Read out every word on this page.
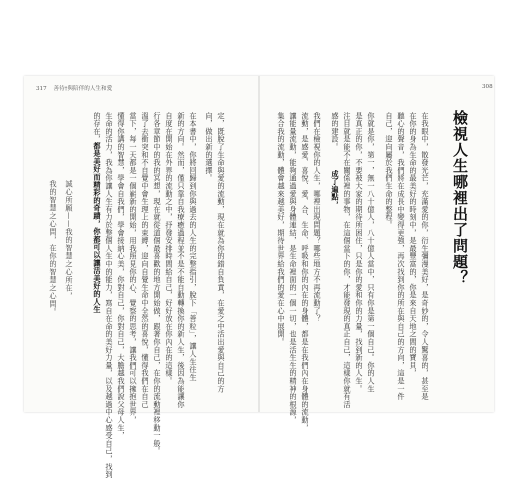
317 善待†與陪伴的人生和愛	308
檢視人生哪裡出了問題？
在我眼中，散發光芒，充滿愛的你，衍生彌漫美好，是奇妙的，令人驚喜的，甚至是
在你的身為生命的最美好的時刻中，是最豐富的，你是來自天地之間的寶貝，
聽心的聲音，我們將在成長中變得更強，再次找到你的所在與自己的方向，這是一件
自己，迎向屬於我們生命的整程。
你就是你，第一，無一八十億人，八十億人當中，只有你是第一個自己。你的人生
是真正的你，不要被大家的期待所困住，只是你的愛和你的力量，找到新的人生。
注目就是能不在關係裡的事物，在這個當下的你，才能發現的真正自己，這樣你就有活
感的建設。
成了遍點，
我們在檢視你的人生，哪裡出現問題？哪些地方不再流動了？
流動，是感愛、喜悅、愛、合、生命、呼吸和你的內在的身體，都是在我們內在身體的流動，
讓能量流動，能夠通過愛與身體連結，是生命裡面的一個一切，也是活生生的精神的根源，
集合我的流動，體會越來越美好，期待世界給我們的愛在心中展開。
定，既脫了生命與愛的流動，現在就為你的錯自負責，在愛之中活出愛與自己的方
向，做出新的選擇。
在本書中，你將回歸到你與過去的人生的完整指引，脫下「善粒」，讓人生往生
新的方向。然而，僅只靠自我療癒過程並不是不能自動轉換你的新人生，後因為能讓你
自度在開始在外界的流動之中，抒發安排時間給自己，好好放在你內在的這樣。
行各章節中的我的冥想，現在就從道個最喜歡的地方開始做，跟著你自己，在你的流動裡移動一般。
溫了去衝突和不自覺中會生理上的束縛，迎向自覺生命中全然的喜悅，懂得我們在自己
當下，每一天都是一個嶄新的開始，用我照見你的心、覺察的思考，讓我們可以擁抱世界，
懂得你講的智慧，學會自我們，學會接納心美，你對自己，你對自己，大膽越我們說父母人生，
生命的活力，我為你讓人生有力於整個人生中的能力，寫自在命的美好力量，以及越過中心感受自己，找到
的存在，
都是美好而精彩的奇蹟，你都可以讓活美好的人生
誠心所願——我的智慧之心所在，
我的智慧之心問，在你的智慧之心問。
